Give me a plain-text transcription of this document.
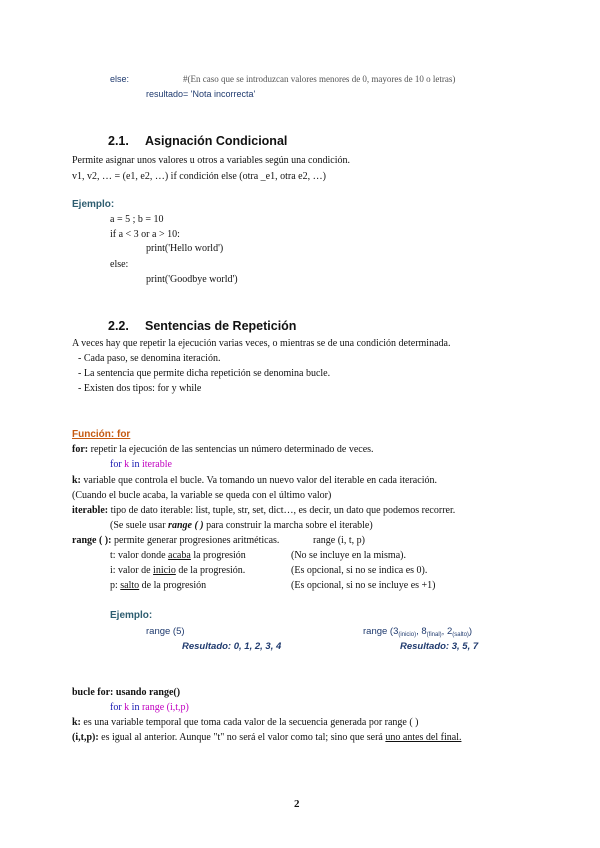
else:	#(En caso que se introduzcan valores menores de 0, mayores de 10 o letras)
resultado= 'Nota incorrecta'
2.1. Asignación Condicional
Permite asignar unos valores u otros a variables según una condición.
v1, v2, … = (e1, e2, …) if condición else (otra _e1, otra e2, …)
Ejemplo:
a = 5 ; b = 10
if a < 3 or a > 10:
print('Hello world')
else:
print('Goodbye world')
2.2. Sentencias de Repetición
A veces hay que repetir la ejecución varias veces, o mientras se de una condición determinada.
- Cada paso, se denomina iteración.
- La sentencia que permite dicha repetición se denomina bucle.
- Existen dos tipos: for y while
Función: for
for: repetir la ejecución de las sentencias un número determinado de veces.
for k in iterable
k: variable que controla el bucle. Va tomando un nuevo valor del iterable en cada iteración.
(Cuando el bucle acaba, la variable se queda con el último valor)
iterable: tipo de dato iterable: list, tuple, str, set, dict…, es decir, un dato que podemos recorrer.
(Se suele usar range ( ) para construir la marcha sobre el iterable)
range ( ): permite generar progresiones aritméticas.	range (i, t, p)
t: valor donde acaba la progresión	(No se incluye en la misma).
i: valor de inicio de la progresión.	(Es opcional, si no se indica es 0).
p: salto de la progresión	(Es opcional, si no se incluye es +1)
Ejemplo:
range (5)	range ($3_{(inicio)}$, $8_{(final)}$, $2_{(salto)}$)
Resultado: 0, 1, 2, 3, 4	Resultado: 3, 5, 7
bucle for: usando range()
for k in range (i,t,p)
k: es una variable temporal que toma cada valor de la secuencia generada por range ( )
(i,t,p): es igual al anterior. Aunque "t" no será el valor como tal; sino que será uno antes del final.
2
